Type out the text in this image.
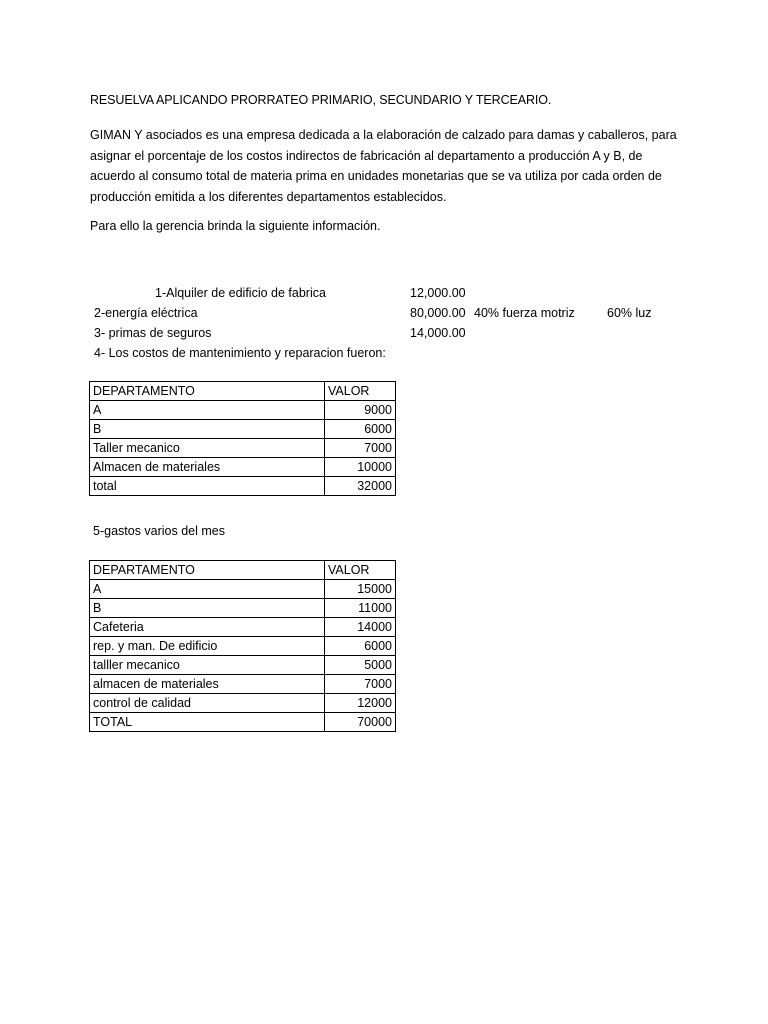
RESUELVA APLICANDO PRORRATEO PRIMARIO, SECUNDARIO Y TERCEARIO.
GIMAN Y asociados es una empresa dedicada a la elaboración de calzado para damas y caballeros, para
asignar el porcentaje de los costos indirectos de fabricación al departamento a producción A y B, de
acuerdo al consumo total de materia prima en unidades monetarias que se va utiliza por cada orden de
producción emitida a los diferentes departamentos establecidos.
Para ello la gerencia brinda la siguiente información.
1-Alquiler de edificio de fabrica	12,000.00
2-energía eléctrica	80,000.00 40% fuerza motriz	60% luz
3- primas de seguros	14,000.00
4- Los costos de mantenimiento y reparacion fueron:
DEPARTAMENTO	VALOR
A	9000
B	6000
Taller mecanico	7000
Almacen de materiales	10000
total	32000
5-gastos varios del mes
DEPARTAMENTO	VALOR
A	15000
B	11000
Cafeteria	14000
rep. y man. De edificio	6000
talller mecanico	5000
almacen de materiales	7000
control de calidad	12000
TOTAL	70000
